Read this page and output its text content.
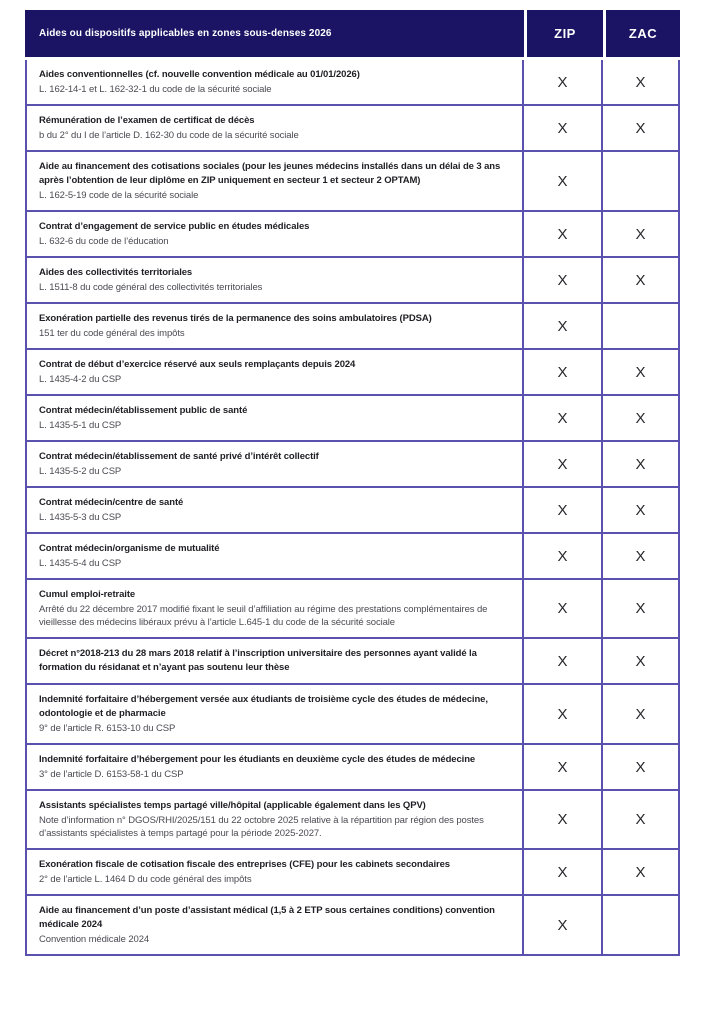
Aides ou dispositifs applicables en zones sous-denses 2026	ZIP	ZAC
Aides conventionnelles (cf. nouvelle convention médicale au 01/01/2026)
L. 162-14-1 et L. 162-32-1 du code de la sécurité sociale	X	X
Rémunération de l’examen de certificat de décès
b du 2° du I de l’article D. 162-30 du code de la sécurité sociale	X	X
Aide au financement des cotisations sociales (pour les jeunes médecins installés dans un délai de 3 ans après l’obtention de leur diplôme en ZIP uniquement en secteur 1 et secteur 2 OPTAM)
L. 162-5-19 code de la sécurité sociale
X
Contrat d’engagement de service public en études médicales
L. 632-6 du code de l’éducation	X	X
Aides des collectivités territoriales
L. 1511-8 du code général des collectivités territoriales	X	X
Exonération partielle des revenus tirés de la permanence des soins ambulatoires (PDSA)
151 ter du code général des impôts	X
Contrat de début d’exercice réservé aux seuls remplaçants depuis 2024
L. 1435-4-2 du CSP	X	X
Contrat médecin/établissement public de santé
L. 1435-5-1 du CSP	X	X
Contrat médecin/établissement de santé privé d’intérêt collectif
L. 1435-5-2 du CSP	X	X
Contrat médecin/centre de santé
L. 1435-5-3 du CSP	X	X
Contrat médecin/organisme de mutualité
L. 1435-5-4 du CSP	X	X
Cumul emploi-retraite
Arrêté du 22 décembre 2017 modifié fixant le seuil d’affiliation au régime des prestations complémentaires de vieillesse des médecins libéraux prévu à l’article L.645-1 du code de la sécurité sociale
X	X
Décret n°2018-213 du 28 mars 2018 relatif à l’inscription universitaire des personnes ayant validé la formation du résidanat et n’ayant pas soutenu leur thèse	X	X
Indemnité forfaitaire d’hébergement versée aux étudiants de troisième cycle des études de médecine, odontologie et de pharmacie
9° de l’article R. 6153-10 du CSP
X	X
Indemnité forfaitaire d’hébergement pour les étudiants en deuxième cycle des études de médecine
3° de l’article D. 6153-58-1 du CSP	X	X
Assistants spécialistes temps partagé ville/hôpital (applicable également dans les QPV)
Note d’information n° DGOS/RHI/2025/151 du 22 octobre 2025 relative à la répartition par région des postes d’assistants spécialistes à temps partagé pour la période 2025-2027.
X	X
Exonération fiscale de cotisation fiscale des entreprises (CFE) pour les cabinets secondaires
2° de l’article L. 1464 D du code général des impôts	X	X
Aide au financement d’un poste d’assistant médical (1,5 à 2 ETP sous certaines conditions) convention médicale 2024
Convention médicale 2024
X
